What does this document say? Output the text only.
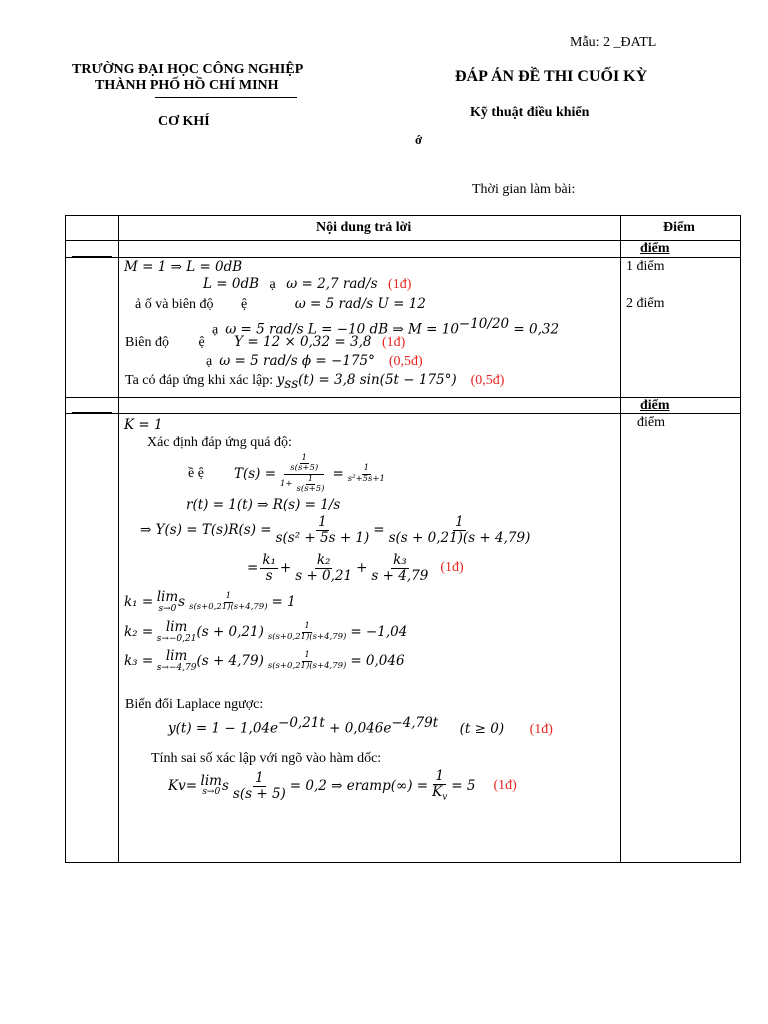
Mẫu: 2 _ĐATL
TRƯỜNG ĐẠI HỌC CÔNG NGHIỆP
THÀNH PHỐ HỒ CHÍ MINH
CƠ KHÍ
ĐÁP ÁN ĐỀ THI CUỐI KỲ
Kỹ thuật điều khiển
ớ
Thời gian làm bài:
Nội dung trả lời	Điểm
điểm
1 điểm
2 điểm
điểm
điểm
M = 1 ⇒ L = 0dB
L = 0dB ạ ω = 2,7 rad/s (1đ)
ả ố và biên độ ệ	ω = 5 rad/s U = 12
ạ ω = 5 rad/s L = −10 dB ⇒ $M = 10^{-10/20} = 0,32$
Biên độ ệ Y = 12 × 0,32 = 3,8 (1đ)
ạ ω = 5 rad/s ϕ = −175° (0,5đ)
Ta có đáp ứng khi xác lập: $y_{ss}(t) = 3,8$ sin(5t − 175°) (0,5đ)
K = 1
Xác định đáp ứng quá độ:
ề ệ $T(s) = \frac{\frac{1}{s(s+5)}}{1+ \frac{1}{s(s+5)}} = \frac{1}{\text{s²+5s+1}}$
r(t) = 1(t) ⇒ R(s) = 1/s
⇒ $Y(s) = T(s)R(s) = \frac{1}{\text{s(s² + 5s + 1)}} = \frac{1}{s(s + 0,21)(s + 4,79)}$
= $\frac{\text{k₁}}{s} + \frac{\text{k₂}}{s + 0,21} + \frac{\text{k₃}}{s + 4,79}$ (1đ)
k₁ =
lim
s→0 s $\frac{1}{s(s+0,21)(s+4,79)} = 1$
k₂ =
lim
s→−0,21 $(s + 0,21) \frac{1}{s(s+0,21)(s+4,79)} = -1,04$
k₃ =
lim
s→−4,79 $(s + 4,79) \frac{1}{s(s+0,21)(s+4,79)} = 0,046$
Biến đổi Laplace ngược:
$y(t) = 1 - 1,04e^{-0,21t} + 0,046e^{-4,79t}$ (t ≥ 0) (1đ)
Tính sai số xác lập với ngõ vào hàm dốc:
K v =
lim
s→0 s $\frac{1}{s(s + 5)} = 0,2$ ⇒ e ramp (∞) = $\frac{1}{K_v} = 5$ (1đ)
